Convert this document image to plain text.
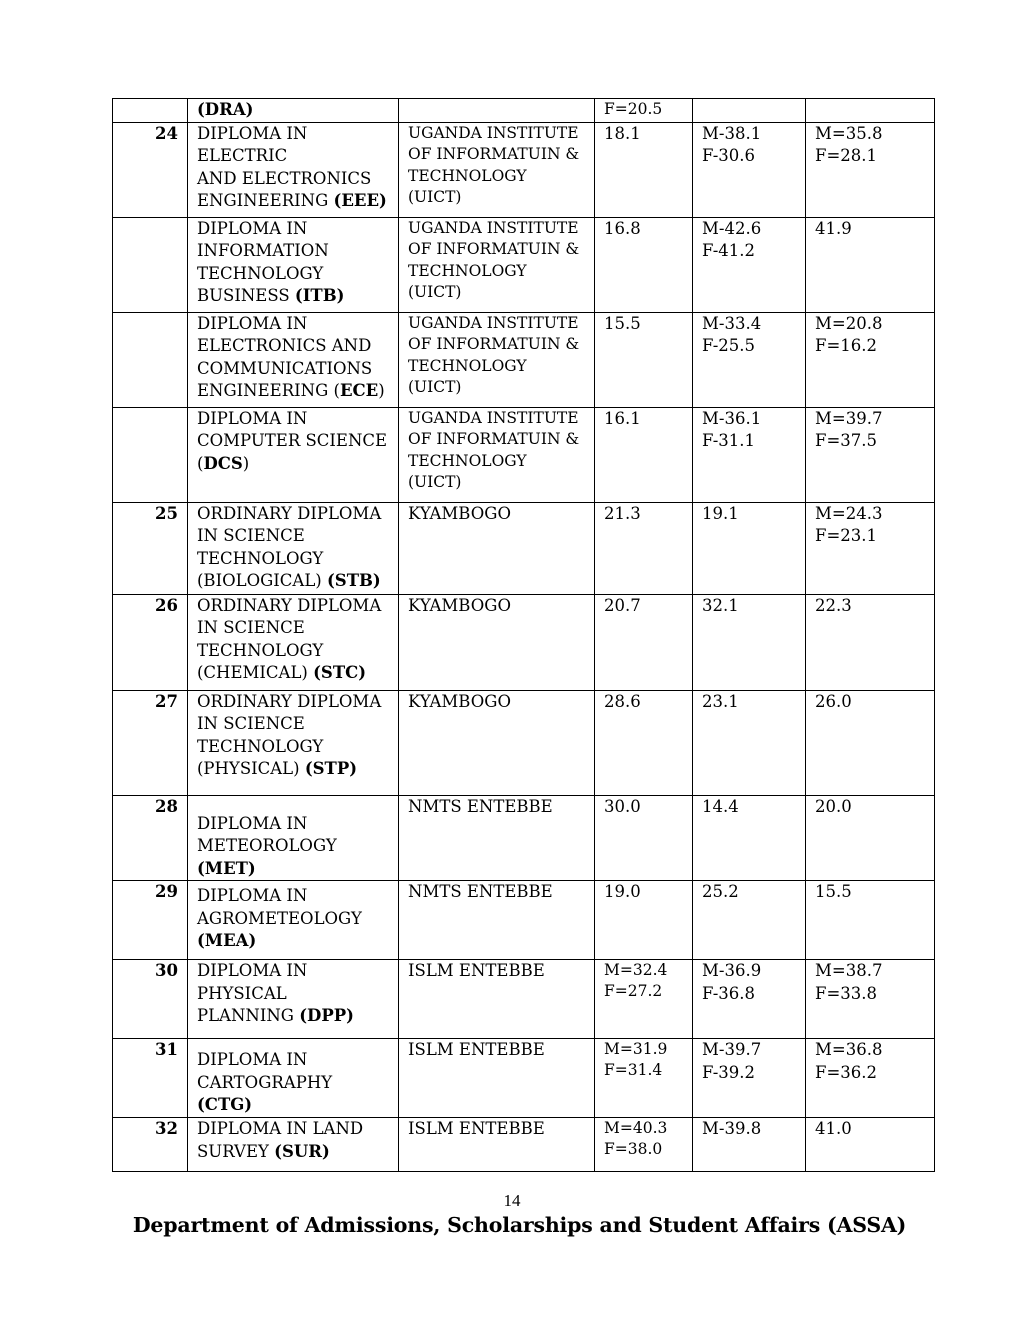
	(DRA)		F=20.5		

24	DIPLOMA IN ELECTRIC
AND ELECTRONICS
ENGINEERING (EEE)	UGANDA INSTITUTE
OF INFORMATUIN &
TECHNOLOGY (UICT)	18.1	M-38.1
F-30.6	M=35.8
F=28.1

	DIPLOMA IN
INFORMATION
TECHNOLOGY
BUSINESS (ITB)	UGANDA INSTITUTE
OF INFORMATUIN &
TECHNOLOGY (UICT)	16.8	M-42.6
F-41.2	41.9

	DIPLOMA IN
ELECTRONICS AND
COMMUNICATIONS
ENGINEERING (ECE)	UGANDA INSTITUTE
OF INFORMATUIN &
TECHNOLOGY (UICT)	15.5	M-33.4
F-25.5	M=20.8
F=16.2

	DIPLOMA IN
COMPUTER SCIENCE
(DCS)	UGANDA INSTITUTE
OF INFORMATUIN &
TECHNOLOGY (UICT)	16.1	M-36.1
F-31.1	M=39.7
F=37.5

25	ORDINARY DIPLOMA
IN SCIENCE
TECHNOLOGY
(BIOLOGICAL) (STB)	KYAMBOGO	21.3	19.1	M=24.3
F=23.1

26	ORDINARY DIPLOMA
IN SCIENCE
TECHNOLOGY
(CHEMICAL) (STC)	KYAMBOGO	20.7	32.1	22.3

27	ORDINARY DIPLOMA
IN SCIENCE
TECHNOLOGY
(PHYSICAL) (STP)	KYAMBOGO	28.6	23.1	26.0

28	DIPLOMA IN
METEOROLOGY (MET)	NMTS ENTEBBE	30.0	14.4	20.0

29	DIPLOMA IN
AGROMETEOLOGY
(MEA)	NMTS ENTEBBE	19.0	25.2	15.5

30	DIPLOMA IN PHYSICAL
PLANNING (DPP)	ISLM ENTEBBE	M=32.4
F=27.2	M-36.9
F-36.8	M=38.7
F=33.8

31	DIPLOMA IN
CARTOGRAPHY (CTG)	ISLM ENTEBBE	M=31.9
F=31.4	M-39.7
F-39.2	M=36.8
F=36.2

32	DIPLOMA IN LAND
SURVEY (SUR)	ISLM ENTEBBE	M=40.3
F=38.0	M-39.8	41.0
14
Department of Admissions, Scholarships and Student Affairs (ASSA)
